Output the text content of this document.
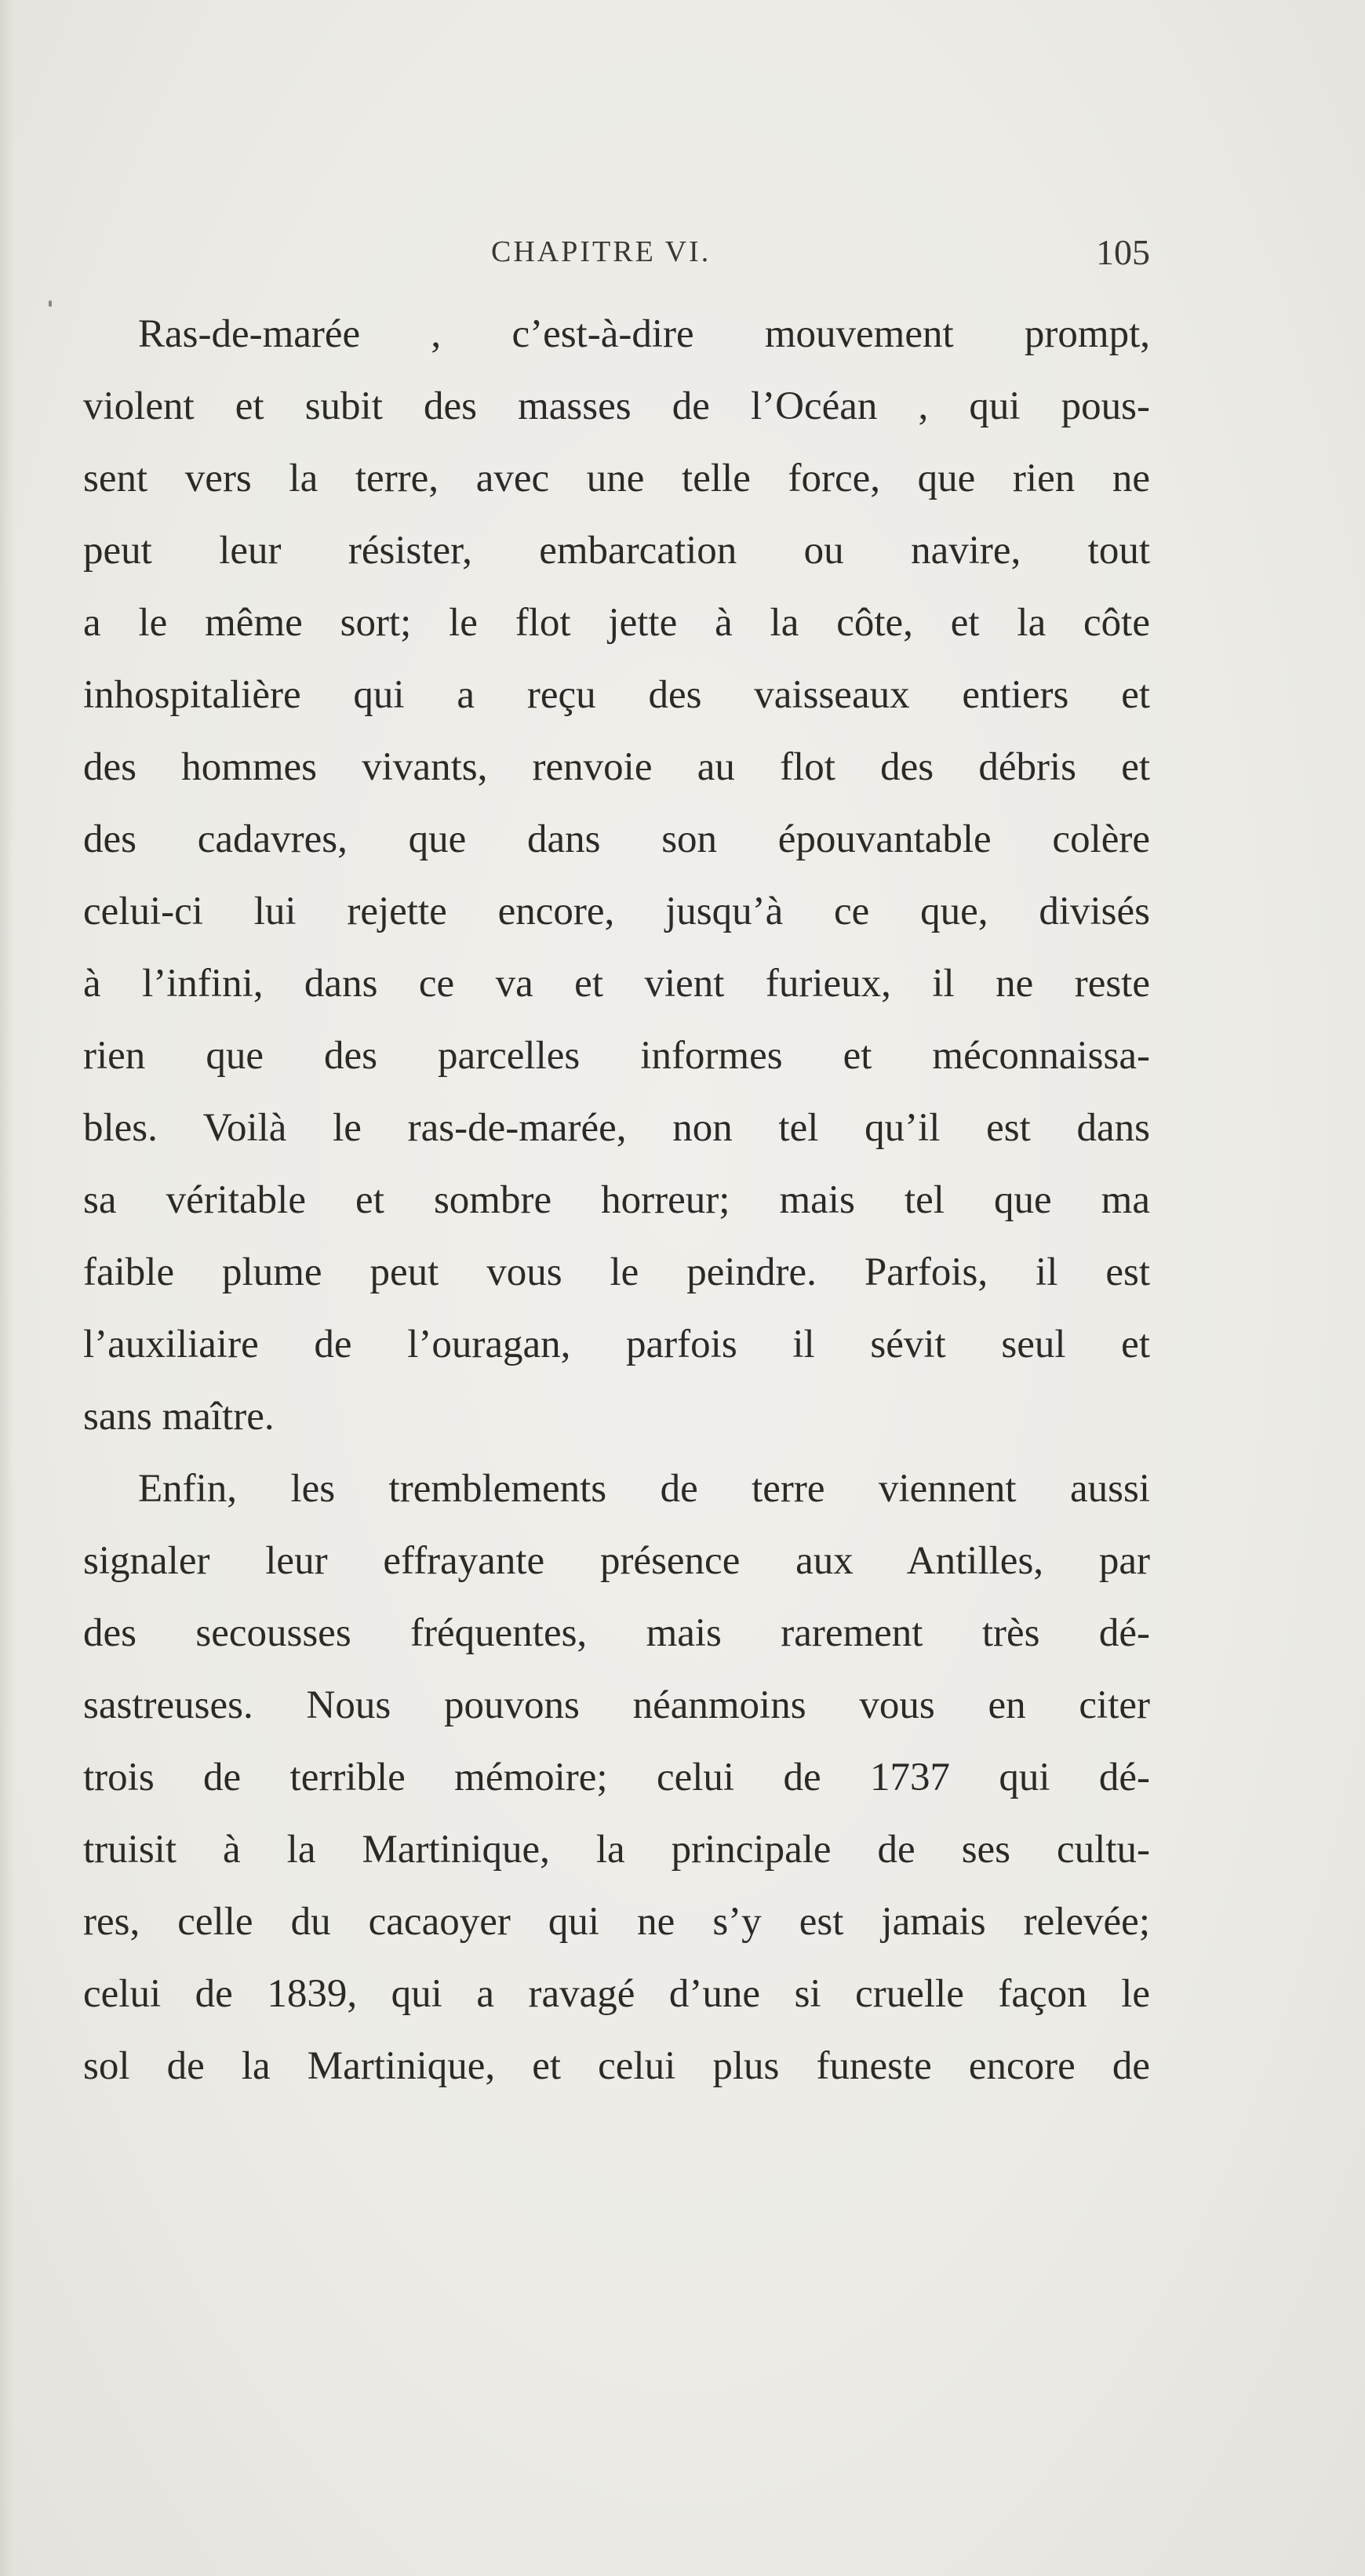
CHAPITRE VI.	105
Ras-de-marée , c’est-à-dire mouvement prompt,
violent et subit des masses de l’Océan , qui pous-
sent vers la terre, avec une telle force, que rien ne
peut leur résister, embarcation ou navire, tout
a le même sort; le flot jette à la côte, et la côte
inhospitalière qui a reçu des vaisseaux entiers et
des hommes vivants, renvoie au flot des débris et
des cadavres, que dans son épouvantable colère
celui-ci lui rejette encore, jusqu’à ce que, divisés
à l’infini, dans ce va et vient furieux, il ne reste
rien que des parcelles informes et méconnaissa-
bles. Voilà le ras-de-marée, non tel qu’il est dans
sa véritable et sombre horreur; mais tel que ma
faible plume peut vous le peindre. Parfois, il est
l’auxiliaire de l’ouragan, parfois il sévit seul et
sans maître.
Enfin, les tremblements de terre viennent aussi
signaler leur effrayante présence aux Antilles, par
des secousses fréquentes, mais rarement très dé-
sastreuses. Nous pouvons néanmoins vous en citer
trois de terrible mémoire; celui de 1737 qui dé-
truisit à la Martinique, la principale de ses cultu-
res, celle du cacaoyer qui ne s’y est jamais relevée;
celui de 1839, qui a ravagé d’une si cruelle façon le
sol de la Martinique, et celui plus funeste encore de
